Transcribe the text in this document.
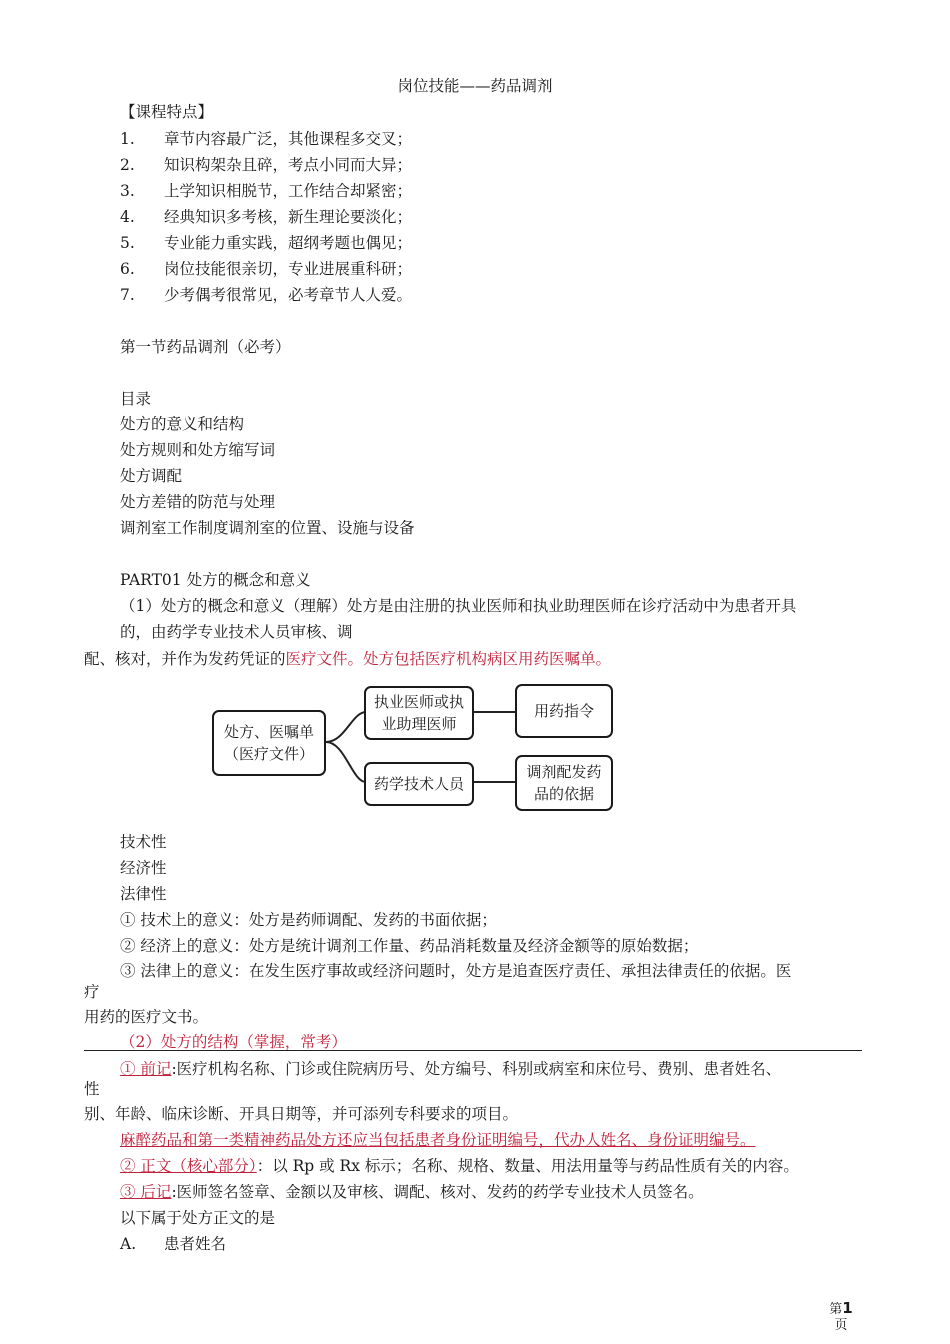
岗位技能——药品调剂
【课程特点】
1. 章节内容最广泛，其他课程多交叉；
2. 知识构架杂且碎，考点小同而大异；
3. 上学知识相脱节，工作结合却紧密；
4. 经典知识多考核，新生理论要淡化；
5. 专业能力重实践，超纲考题也偶见；
6. 岗位技能很亲切，专业进展重科研；
7. 少考偶考很常见，必考章节人人爱。
第一节药品调剂（必考）
目录
处方的意义和结构
处方规则和处方缩写词
处方调配
处方差错的防范与处理
调剂室工作制度调剂室的位置、设施与设备
PART01 处方的概念和意义
（1）处方的概念和意义（理解）处方是由注册的执业医师和执业助理医师在诊疗活动中为患者开具
的，由药学专业技术人员审核、调
配、核对，并作为发药凭证的医疗文件。处方包括医疗机构病区用药医嘱单。
处方、医嘱单
（医疗文件）
执业医师或执
业助理医师
药学技术人员
用药指令
调剂配发药
品的依据
技术性
经济性
法律性
① 技术上的意义：处方是药师调配、发药的书面依据；
② 经济上的意义：处方是统计调剂工作量、药品消耗数量及经济金额等的原始数据；
③ 法律上的意义：在发生医疗事故或经济问题时，处方是追查医疗责任、承担法律责任的依据。医
疗
用药的医疗文书。
（2）处方的结构（掌握，常考）
① 前记:医疗机构名称、门诊或住院病历号、处方编号、科别或病室和床位号、费别、患者姓名、
性
别、年龄、临床诊断、开具日期等，并可添列专科要求的项目。
麻醉药品和第一类精神药品处方还应当包括患者身份证明编号，代办人姓名、身份证明编号。
② 正文（核心部分）：以 Rp 或 Rx 标示；名称、规格、数量、用法用量等与药品性质有关的内容。
③ 后记:医师签名签章、金额以及审核、调配、核对、发药的药学专业技术人员签名。
以下属于处方正文的是
A. 患者姓名
第1
页
